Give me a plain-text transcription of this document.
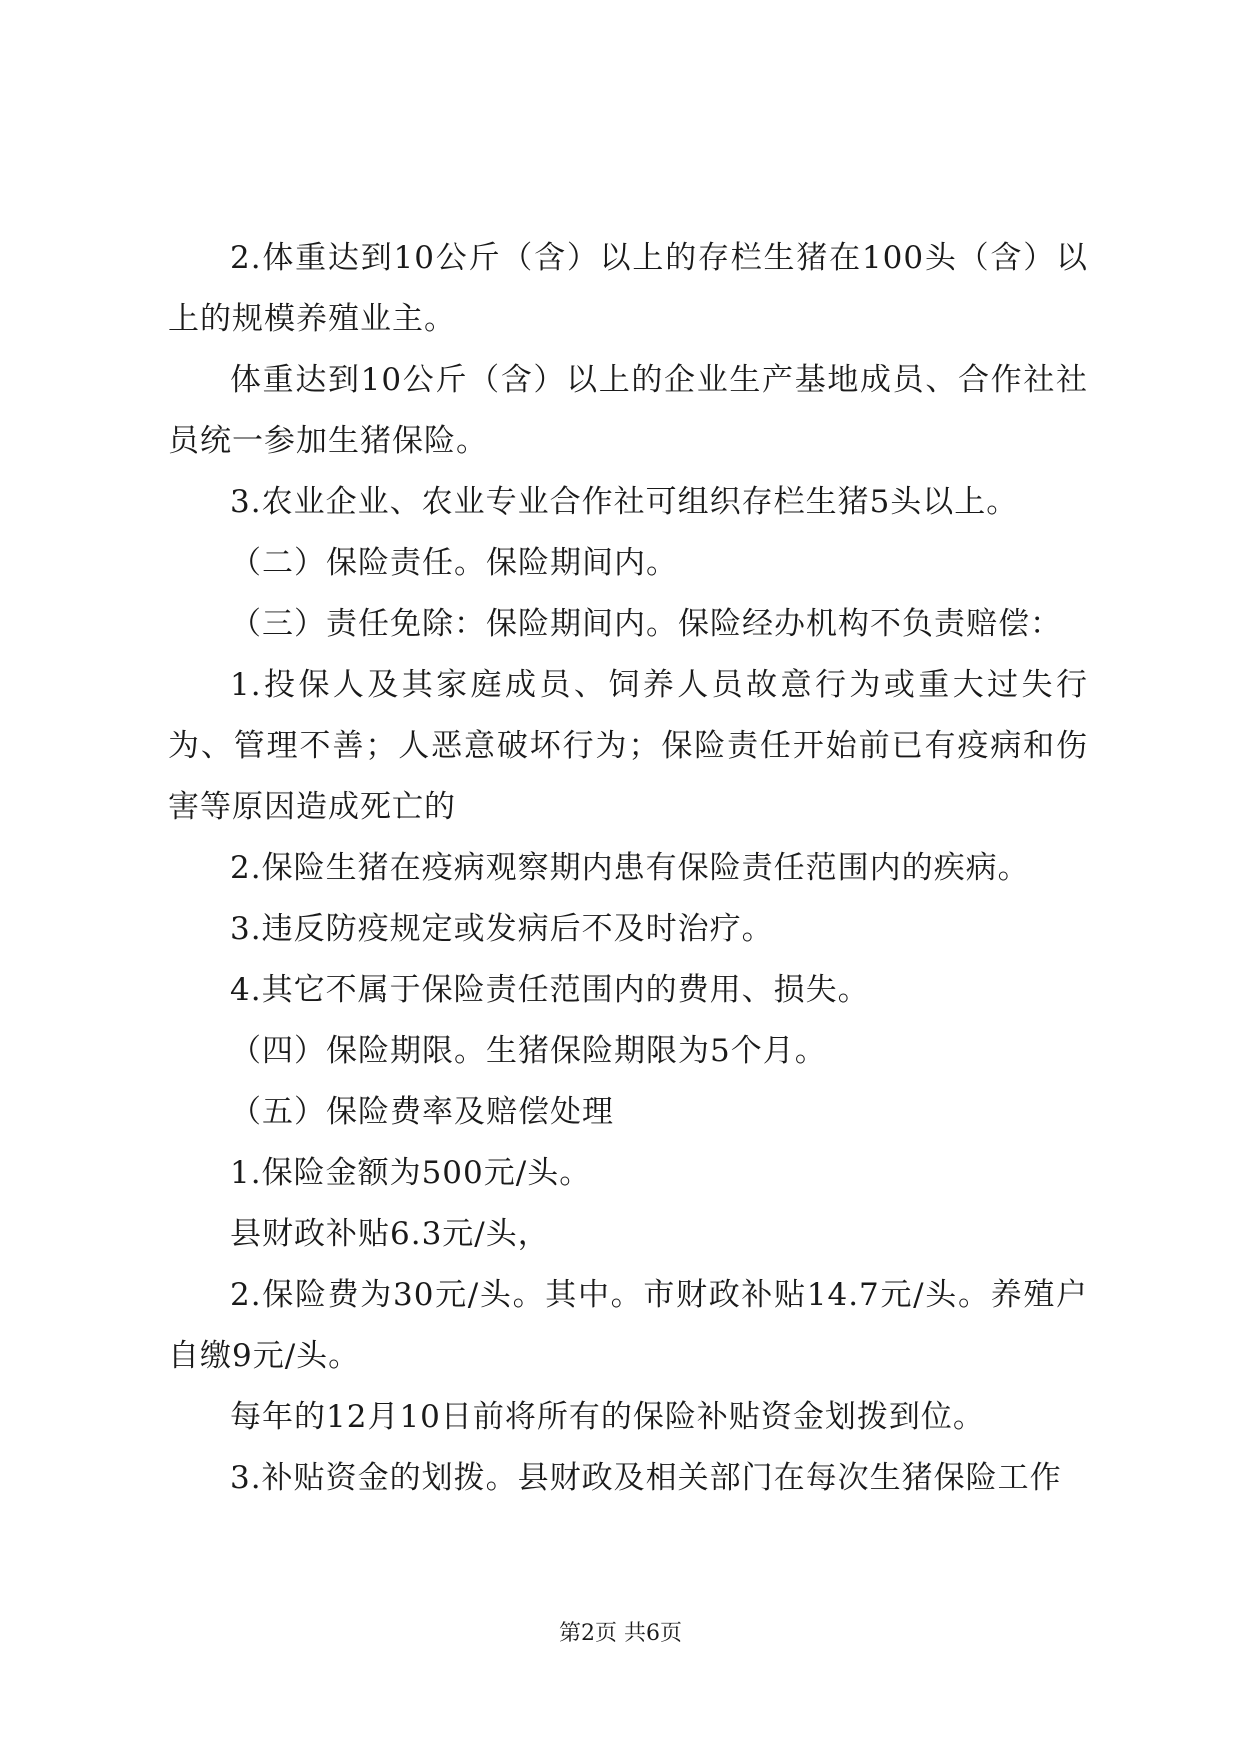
2.体重达到10公斤（含）以上的存栏生猪在100头（含）以上的规模养殖业主。

体重达到10公斤（含）以上的企业生产基地成员、合作社社员统一参加生猪保险。

3.农业企业、农业专业合作社可组织存栏生猪5头以上。

（二）保险责任。保险期间内。

（三）责任免除：保险期间内。保险经办机构不负责赔偿：

1.投保人及其家庭成员、饲养人员故意行为或重大过失行为、管理不善；人恶意破坏行为；保险责任开始前已有疫病和伤害等原因造成死亡的

2.保险生猪在疫病观察期内患有保险责任范围内的疾病。

3.违反防疫规定或发病后不及时治疗。

4.其它不属于保险责任范围内的费用、损失。

（四）保险期限。生猪保险期限为5个月。

（五）保险费率及赔偿处理

1.保险金额为500元/头。

县财政补贴6.3元/头，

2.保险费为30元/头。其中。市财政补贴14.7元/头。养殖户自缴9元/头。

每年的12月10日前将所有的保险补贴资金划拨到位。

3.补贴资金的划拨。县财政及相关部门在每次生猪保险工作

第2页 共6页
